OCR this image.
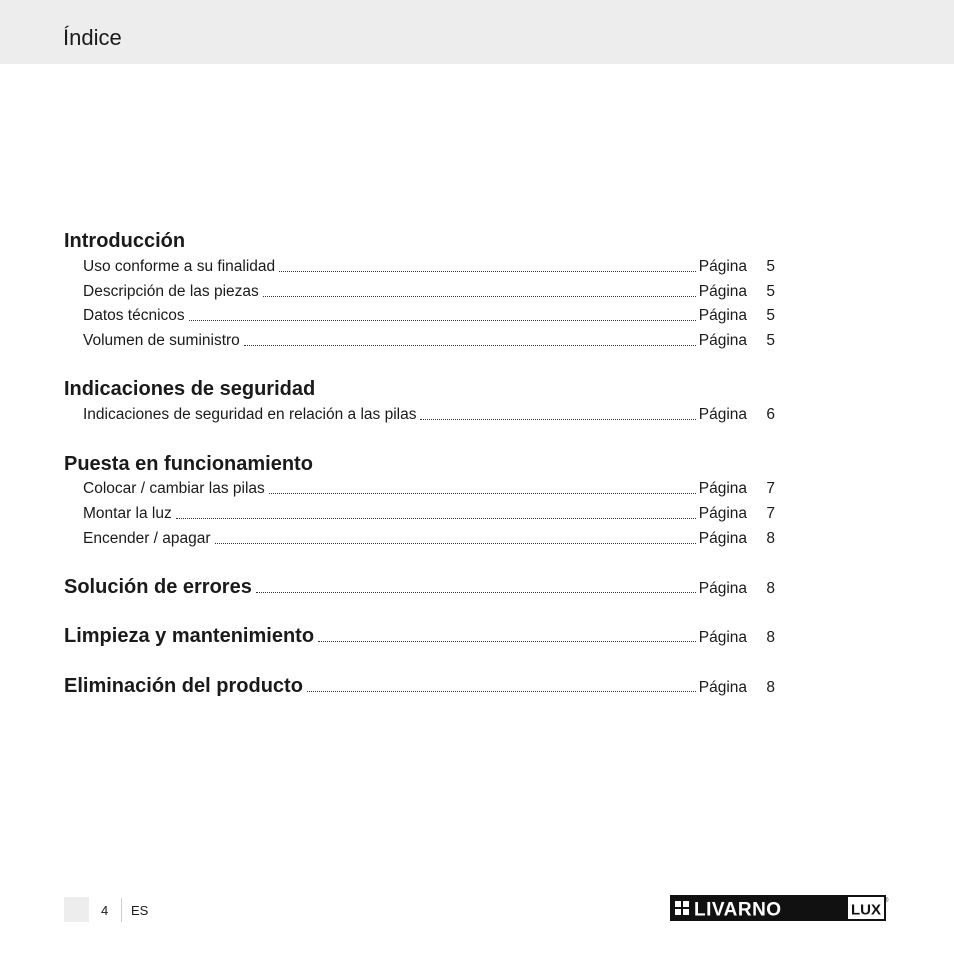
Índice
Introducción
Uso conforme a su finalidad	Página	5
Descripción de las piezas	Página	5
Datos técnicos	Página	5
Volumen de suministro	Página	5
Indicaciones de seguridad
Indicaciones de seguridad en relación a las pilas	Página	6
Puesta en funcionamiento
Colocar / cambiar las pilas	Página	7
Montar la luz	Página	7
Encender / apagar	Página	8
Solución de errores	Página	8
Limpieza y mantenimiento	Página	8
Eliminación del producto	Página	8
4 ES	LIVARNO	LUX
®
